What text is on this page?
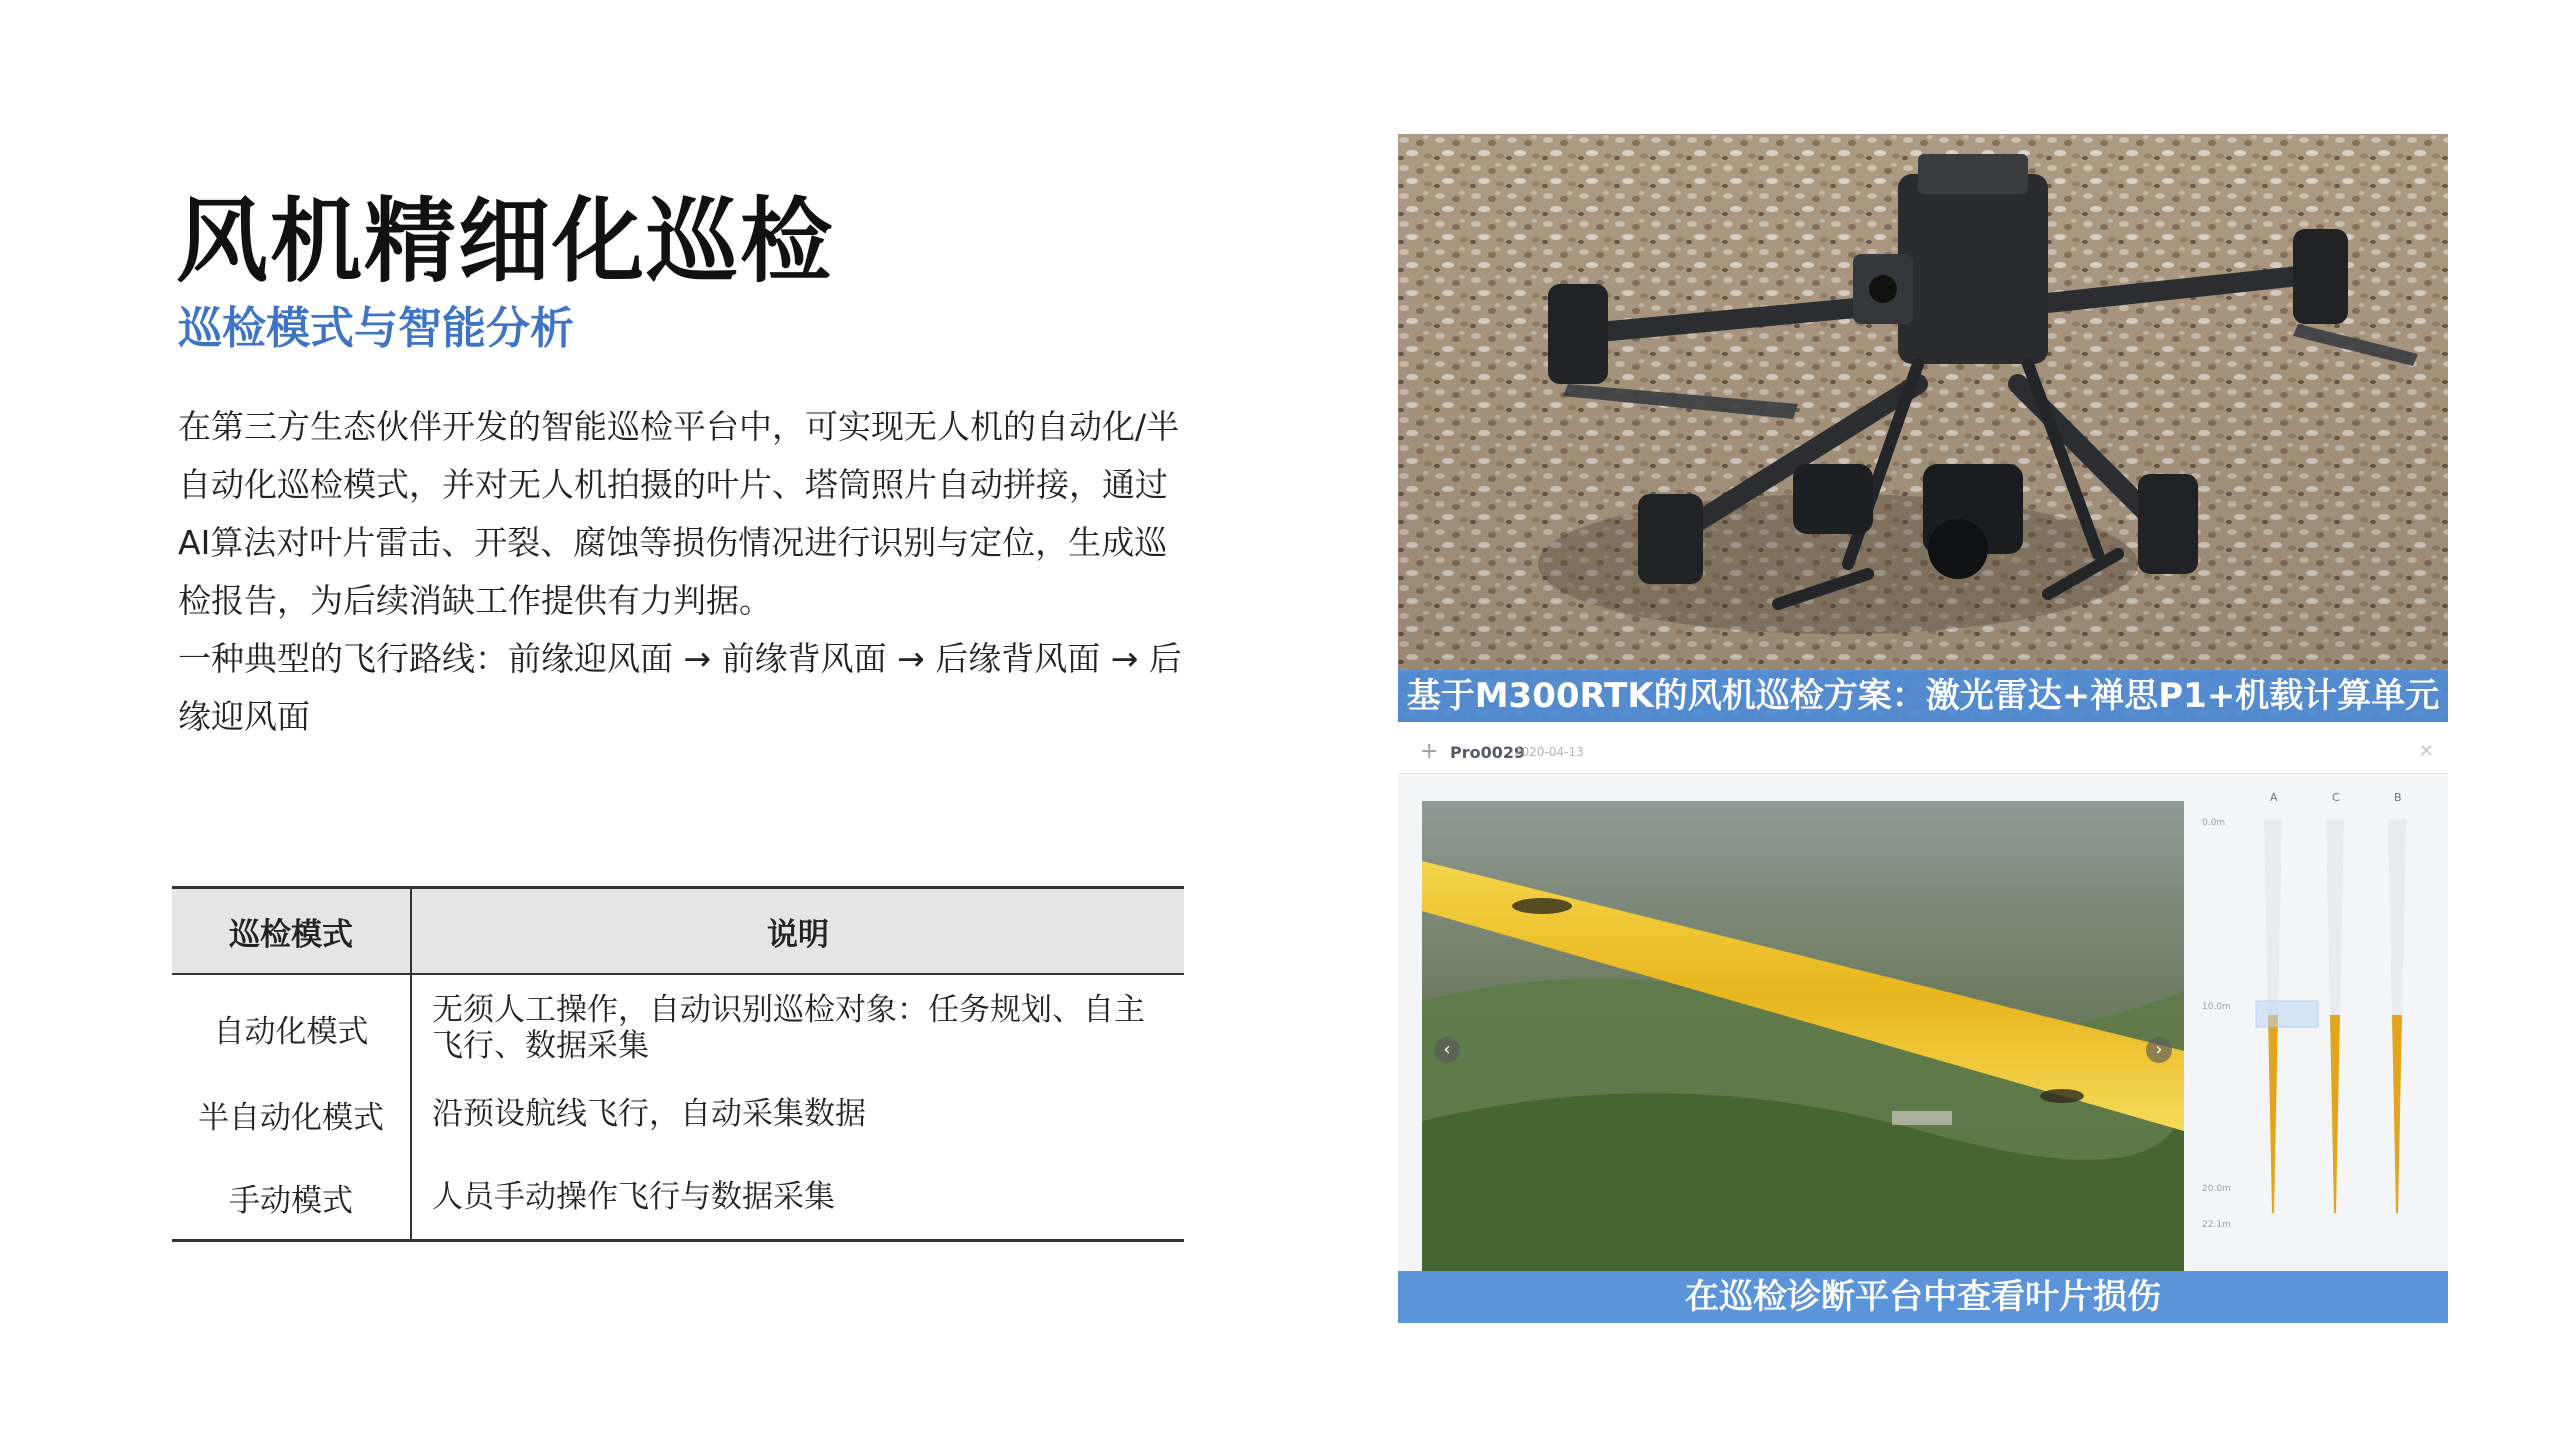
风机精细化巡检
巡检模式与智能分析

在第三方生态伙伴开发的智能巡检平台中，可实现无人机的自动化/半自动化巡检模式，并对无人机拍摄的叶片、塔筒照片自动拼接，通过AI算法对叶片雷击、开裂、腐蚀等损伤情况进行识别与定位，生成巡检报告，为后续消缺工作提供有力判据。

一种典型的飞行路线：前缘迎风面 → 前缘背风面 → 后缘背风面 → 后缘迎风面

巡检模式	说明
自动化模式	无须人工操作，自动识别巡检对象：任务规划、自主飞行、数据采集
半自动化模式	沿预设航线飞行，自动采集数据
手动模式	人员手动操作飞行与数据采集
基于M300RTK的风机巡检方案：激光雷达+禅思P1+机载计算单元
+ Pro0029
2020-04-13	✕
‹	›
A	C	B
0.0m
10.0m
20.0m
22.1m
在巡检诊断平台中查看叶片损伤
